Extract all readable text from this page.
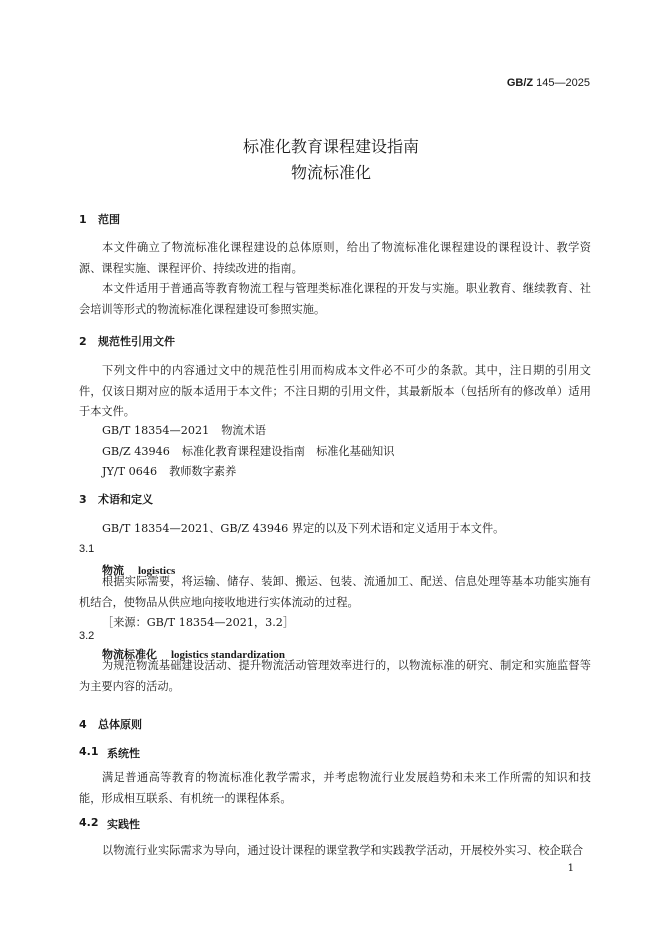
GB/Z 145—2025
标准化教育课程建设指南
物流标准化
1 范围
本文件确立了物流标准化课程建设的总体原则，给出了物流标准化课程建设的课程设计、教学资源、课程实施、课程评价、持续改进的指南。
本文件适用于普通高等教育物流工程与管理类标准化课程的开发与实施。职业教育、继续教育、社会培训等形式的物流标准化课程建设可参照实施。
2 规范性引用文件
下列文件中的内容通过文中的规范性引用而构成本文件必不可少的条款。其中，注日期的引用文件，仅该日期对应的版本适用于本文件；不注日期的引用文件，其最新版本（包括所有的修改单）适用于本文件。
GB/T 18354—2021 物流术语
GB/Z 43946 标准化教育课程建设指南　标准化基础知识
JY/T 0646 教师数字素养
3 术语和定义
GB/T 18354—2021、GB/Z 43946 界定的以及下列术语和定义适用于本文件。
3.1
物流 logistics
根据实际需要，将运输、储存、装卸、搬运、包装、流通加工、配送、信息处理等基本功能实施有机结合，使物品从供应地向接收地进行实体流动的过程。
［来源：GB/T 18354—2021，3.2］
3.2
物流标准化 logistics standardization
为规范物流基础建设活动、提升物流活动管理效率进行的，以物流标准的研究、制定和实施监督等为主要内容的活动。
4 总体原则
4.1 系统性
满足普通高等教育的物流标准化教学需求，并考虑物流行业发展趋势和未来工作所需的知识和技能，形成相互联系、有机统一的课程体系。
4.2 实践性
以物流行业实际需求为导向，通过设计课程的课堂教学和实践教学活动，开展校外实习、校企联合
1
